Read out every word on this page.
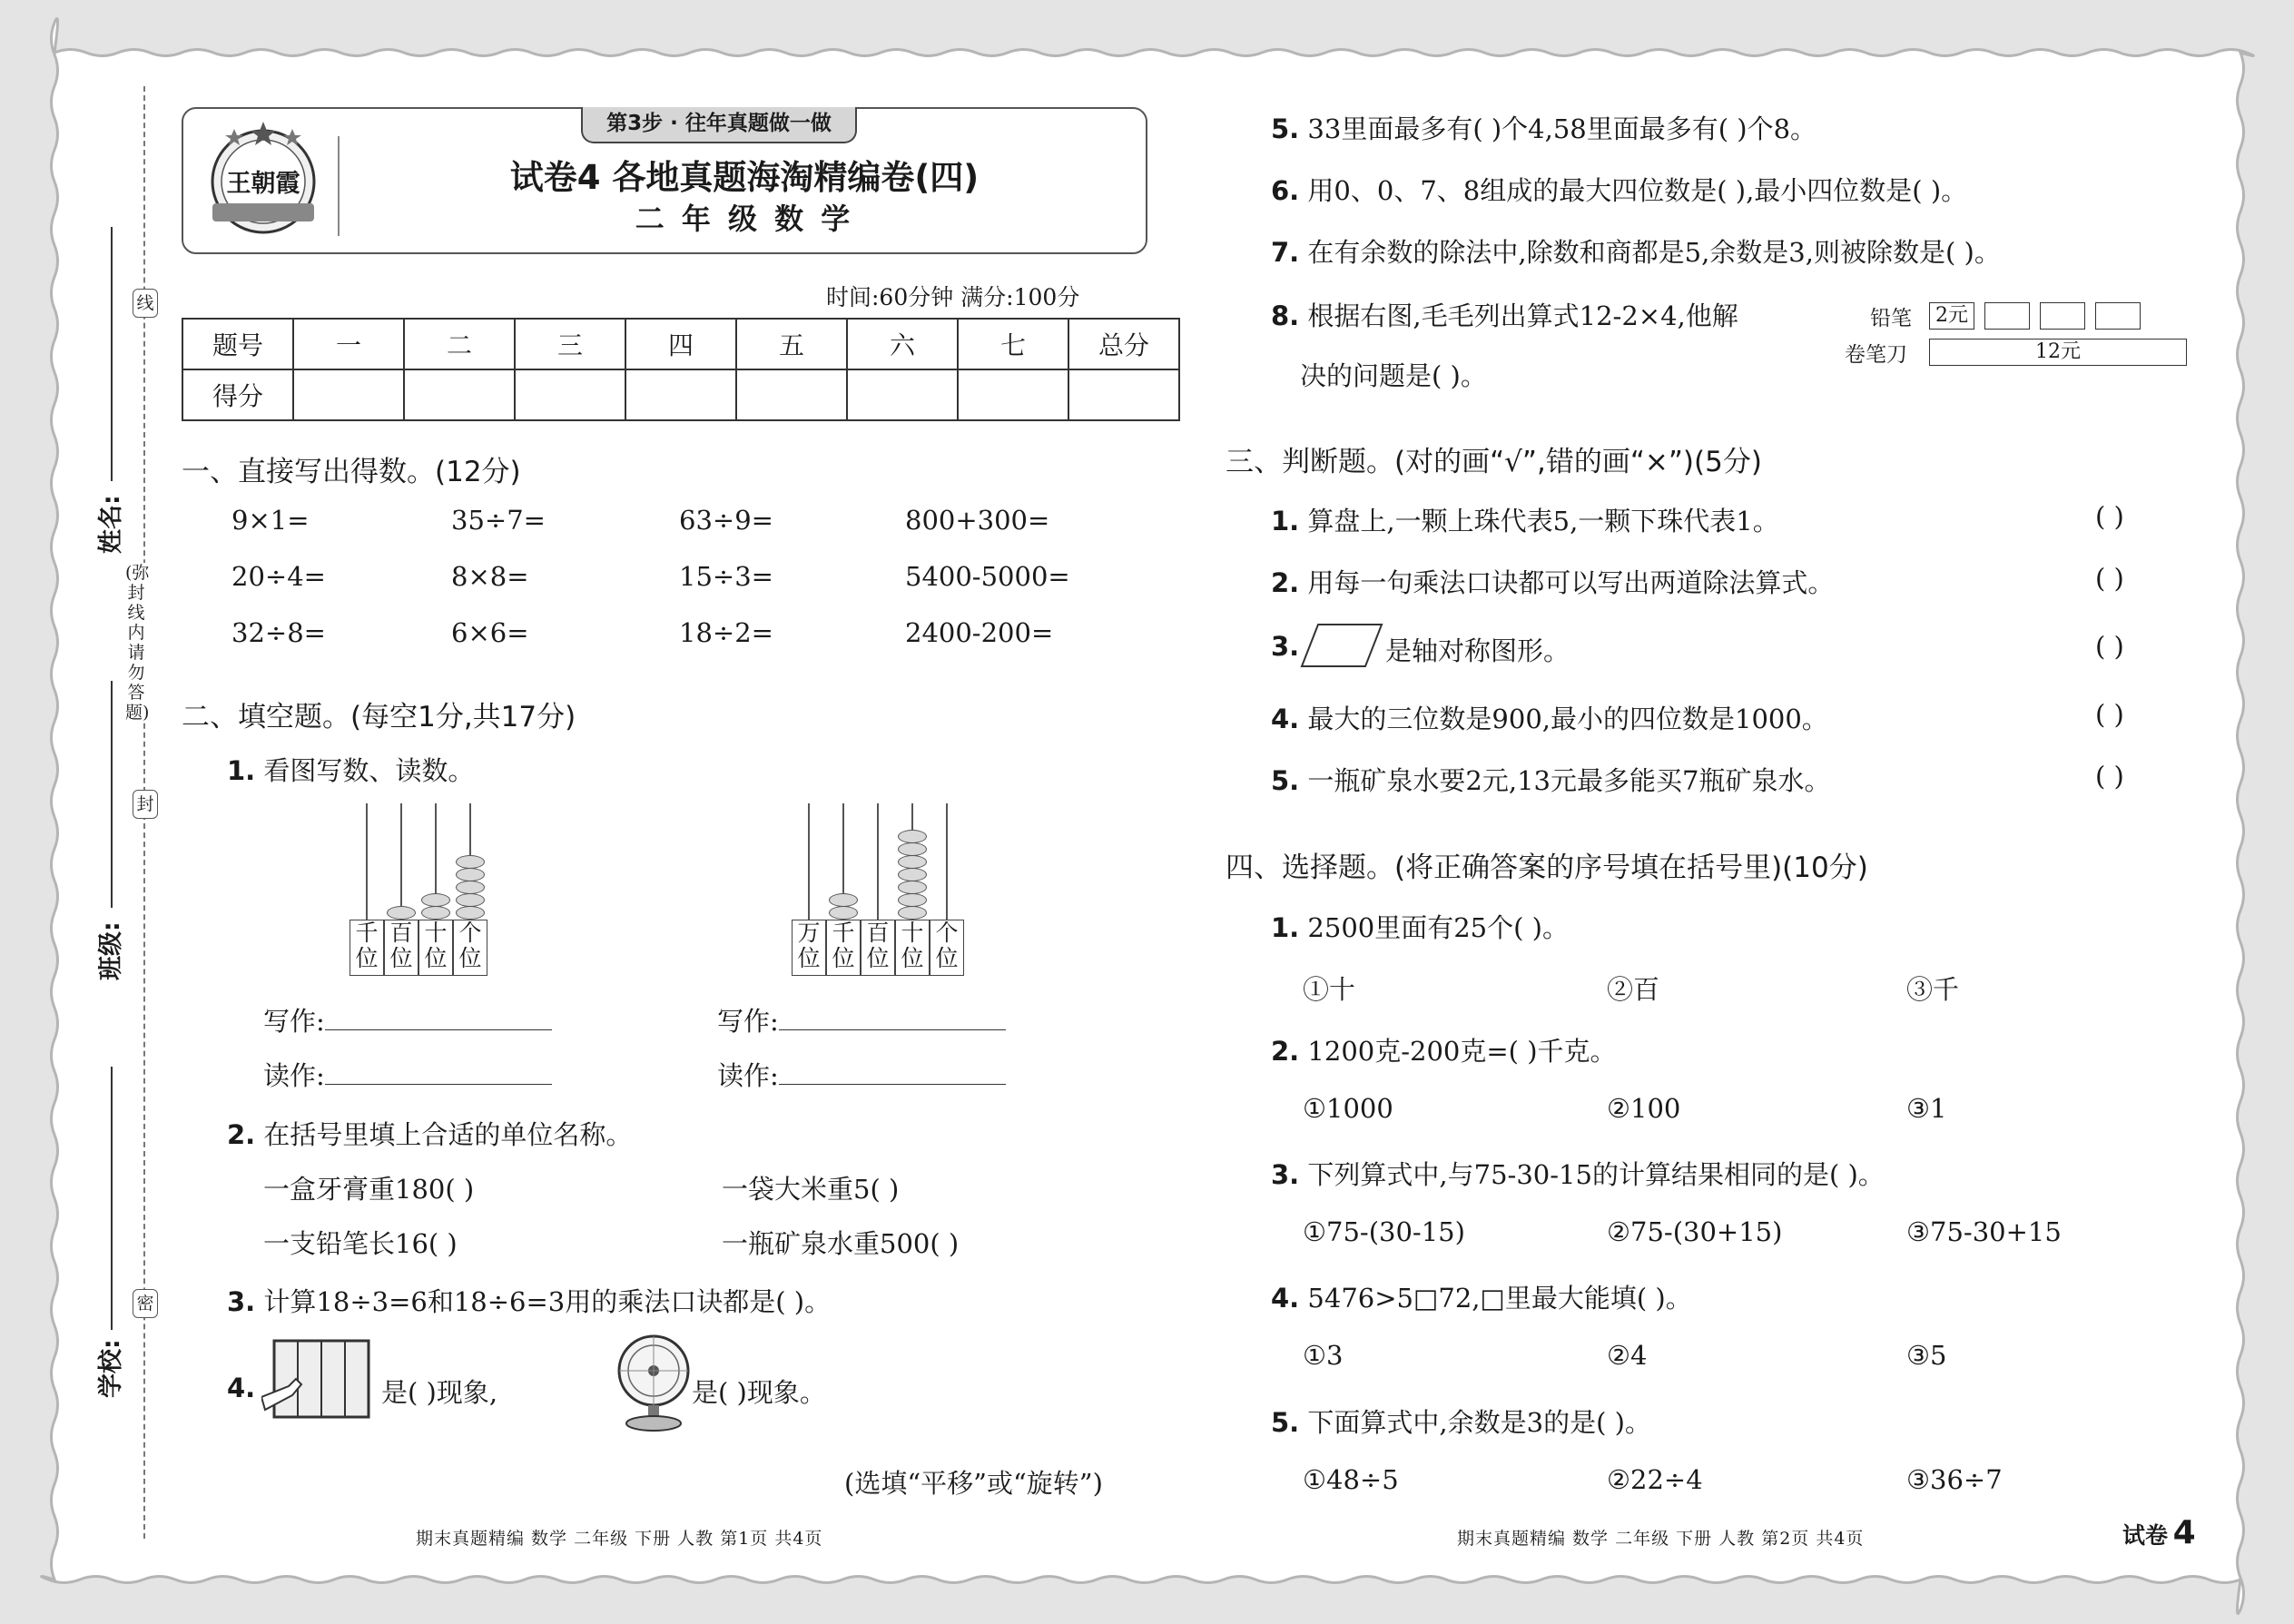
线
封
密
(弥封线内请勿答题)
姓名:
班级:
学校:
第3步 · 往年真题做一做
王朝霞	试卷4 各地真题海淘精编卷(四)
二 年 级 数 学
时间:60分钟 满分:100分
题号	一	二	三	四	五	六	七	总分
得分								
一、直接写出得数。(12分)
9×1=	35÷7=	63÷9=	800+300=
20÷4=	8×8=	15÷3=	5400-5000=
32÷8=	6×6=	18÷2=	2400-200=
二、填空题。(每空1分,共17分)
1. 看图写数、读数。
千位
百位
十位
个位
万位
千位
百位
十位
个位
写作:
读作:
写作:
读作:
2. 在括号里填上合适的单位名称。
一盒牙膏重180( )	一袋大米重5( )
一支铅笔长16( )	一瓶矿泉水重500( )
3. 计算18÷3=6和18÷6=3用的乘法口诀都是( )。
4.	是( )现象,	是( )现象。
(选填“平移”或“旋转”)
5. 33里面最多有( )个4,58里面最多有( )个8。
6. 用0、0、7、8组成的最大四位数是( ),最小四位数是( )。
7. 在有余数的除法中,除数和商都是5,余数是3,则被除数是( )。
8. 根据右图,毛毛列出算式12-2×4,他解
决的问题是( )。
铅笔	2元
卷笔刀	12元
三、判断题。(对的画“√”,错的画“×”)(5分)
1. 算盘上,一颗上珠代表5,一颗下珠代表1。	( )
2. 用每一句乘法口诀都可以写出两道除法算式。	( )
3.	是轴对称图形。	( )
4. 最大的三位数是900,最小的四位数是1000。	( )
5. 一瓶矿泉水要2元,13元最多能买7瓶矿泉水。	( )
四、选择题。(将正确答案的序号填在括号里)(10分)
1. 2500里面有25个( )。
①十	②百	③千
2. 1200克-200克=( )千克。
①1000	②100	③1
3. 下列算式中,与75-30-15的计算结果相同的是( )。
①75-(30-15)	②75-(30+15)	③75-30+15
4. 5476>5□72,□里最大能填( )。
①3	②4	③5
5. 下面算式中,余数是3的是( )。
①48÷5	②22÷4	③36÷7
期末真题精编 数学 二年级 下册 人教 第1页 共4页	期末真题精编 数学 二年级 下册 人教 第2页 共4页	试卷 4
